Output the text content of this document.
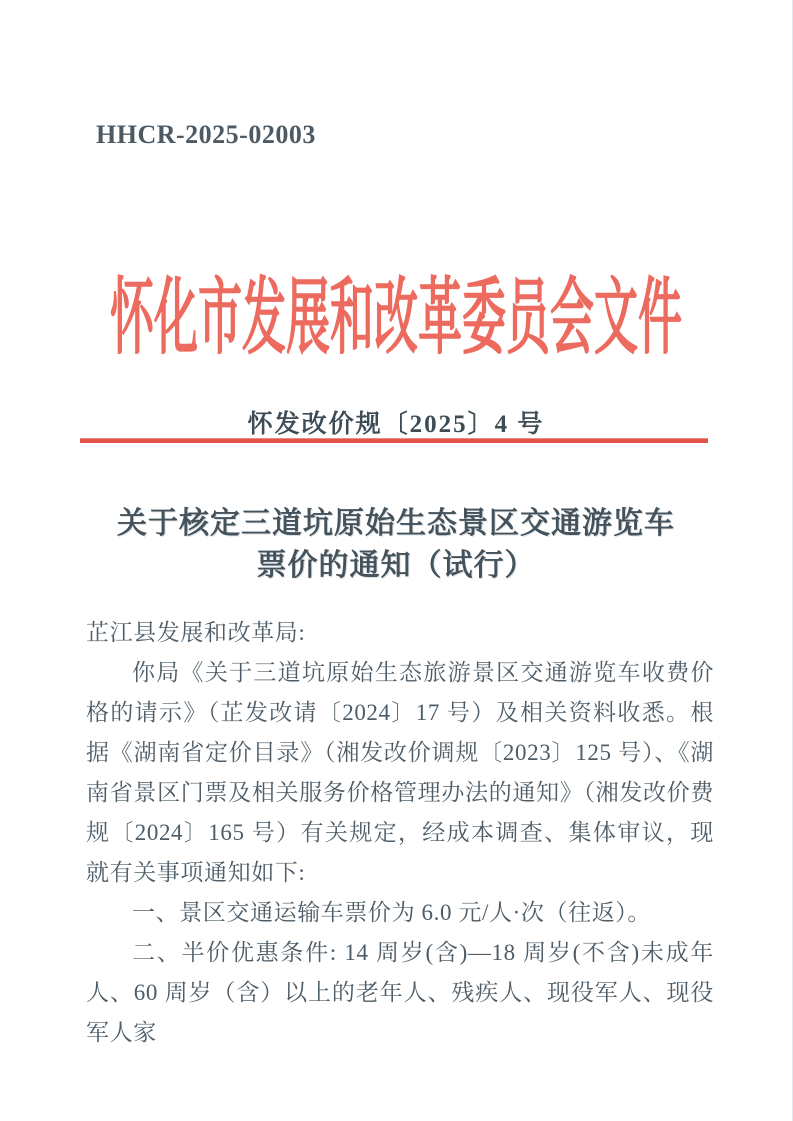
HHCR-2025-02003
怀化市发展和改革委员会文件
怀发改价规〔2025〕4 号
关于核定三道坑原始生态景区交通游览车
票价的通知（试行）

芷江县发展和改革局:

你局《关于三道坑原始生态旅游景区交通游览车收费价格的请示》（芷发改请〔2024〕17 号）及相关资料收悉。根据《湖南省定价目录》（湘发改价调规〔2023〕125 号）、《湖南省景区门票及相关服务价格管理办法的通知》（湘发改价费规〔2024〕165 号）有关规定，经成本调查、集体审议，现就有关事项通知如下:

一、景区交通运输车票价为 6.0 元/人·次（往返）。

二、半价优惠条件: 14 周岁(含)—18 周岁(不含)未成年人、60 周岁（含）以上的老年人、残疾人、现役军人、现役军人家
